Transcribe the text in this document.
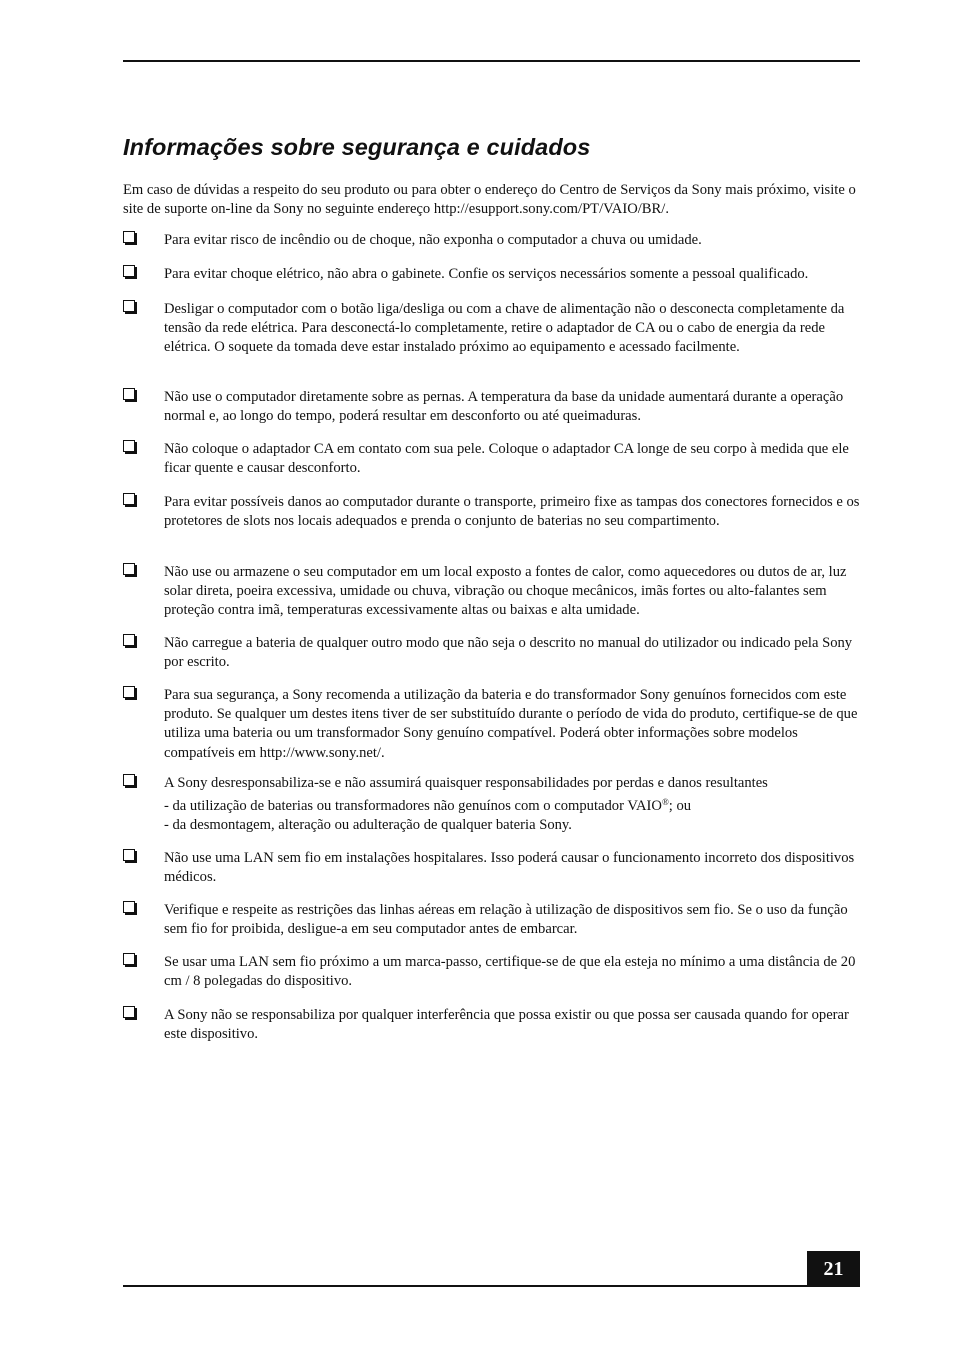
Informações sobre segurança e cuidados

Em caso de dúvidas a respeito do seu produto ou para obter o endereço do Centro de Serviços da Sony mais próximo, visite o site de suporte on-line da Sony no seguinte endereço http://esupport.sony.com/PT/VAIO/BR/.

Para evitar risco de incêndio ou de choque, não exponha o computador a chuva ou umidade.
Para evitar choque elétrico, não abra o gabinete. Confie os serviços necessários somente a pessoal qualificado.
Desligar o computador com o botão liga/desliga ou com a chave de alimentação não o desconecta completamente da tensão da rede elétrica. Para desconectá-lo completamente, retire o adaptador de CA ou o cabo de energia da rede elétrica. O soquete da tomada deve estar instalado próximo ao equipamento e acessado facilmente.
Não use o computador diretamente sobre as pernas. A temperatura da base da unidade aumentará durante a operação normal e, ao longo do tempo, poderá resultar em desconforto ou até queimaduras.
Não coloque o adaptador CA em contato com sua pele. Coloque o adaptador CA longe de seu corpo à medida que ele ficar quente e causar desconforto.
Para evitar possíveis danos ao computador durante o transporte, primeiro fixe as tampas dos conectores fornecidos e os protetores de slots nos locais adequados e prenda o conjunto de baterias no seu compartimento.
Não use ou armazene o seu computador em um local exposto a fontes de calor, como aquecedores ou dutos de ar, luz solar direta, poeira excessiva, umidade ou chuva, vibração ou choque mecânicos, imãs fortes ou alto-falantes sem proteção contra imã, temperaturas excessivamente altas ou baixas e alta umidade.
Não carregue a bateria de qualquer outro modo que não seja o descrito no manual do utilizador ou indicado pela Sony por escrito.
Para sua segurança, a Sony recomenda a utilização da bateria e do transformador Sony genuínos fornecidos com este produto. Se qualquer um destes itens tiver de ser substituído durante o período de vida do produto, certifique-se de que utiliza uma bateria ou um transformador Sony genuíno compatível. Poderá obter informações sobre modelos compatíveis em http://www.sony.net/.
A Sony desresponsabiliza-se e não assumirá quaisquer responsabilidades por perdas e danos resultantes
- da utilização de baterias ou transformadores não genuínos com o computador VAIO®; ou
- da desmontagem, alteração ou adulteração de qualquer bateria Sony.
Não use uma LAN sem fio em instalações hospitalares. Isso poderá causar o funcionamento incorreto dos dispositivos médicos.
Verifique e respeite as restrições das linhas aéreas em relação à utilização de dispositivos sem fio. Se o uso da função sem fio for proibida, desligue-a em seu computador antes de embarcar.
Se usar uma LAN sem fio próximo a um marca-passo, certifique-se de que ela esteja no mínimo a uma distância de 20 cm / 8 polegadas do dispositivo.
A Sony não se responsabiliza por qualquer interferência que possa existir ou que possa ser causada quando for operar este dispositivo.
21
